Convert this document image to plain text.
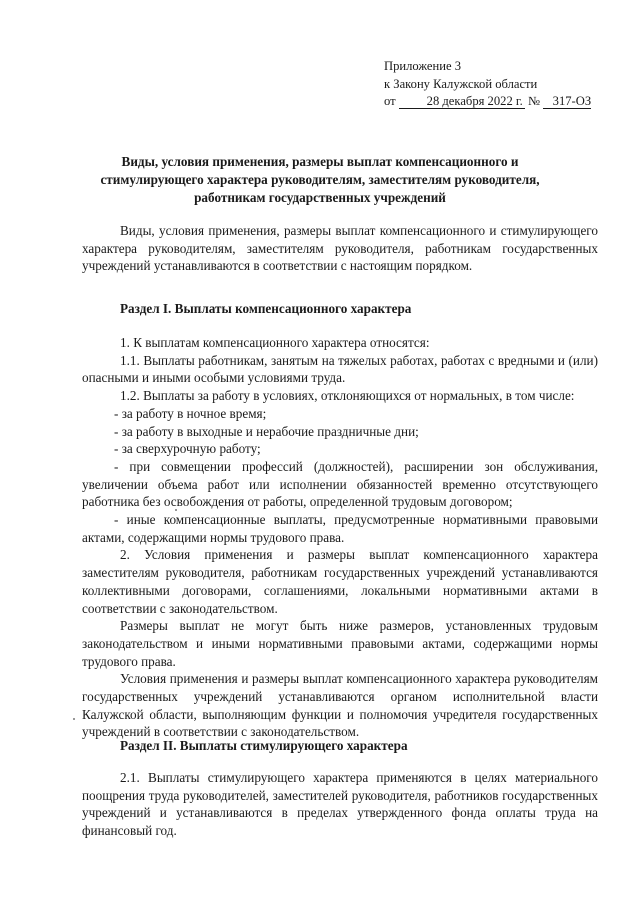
Приложение 3
к Закону Калужской области
от 28 декабря 2022 г. № 317-ОЗ
Виды, условия применения, размеры выплат компенсационного и стимулирующего характера руководителям, заместителям руководителя, работникам государственных учреждений

Виды, условия применения, размеры выплат компенсационного и стимулирующего характера руководителям, заместителям руководителя, работникам государственных учреждений устанавливаются в соответствии с настоящим порядком.

Раздел I. Выплаты компенсационного характера

1. К выплатам компенсационного характера относятся:

1.1. Выплаты работникам, занятым на тяжелых работах, работах с вредными и (или) опасными и иными особыми условиями труда.

1.2. Выплаты за работу в условиях, отклоняющихся от нормальных, в том числе:

- за работу в ночное время;

- за работу в выходные и нерабочие праздничные дни;

- за сверхурочную работу;

- при совмещении профессий (должностей), расширении зон обслуживания, увеличении объема работ или исполнении обязанностей временно отсутствующего работника без освобождения от работы, определенной трудовым договором;

- иные компенсационные выплаты, предусмотренные нормативными правовыми актами, содержащими нормы трудового права.

2. Условия применения и размеры выплат компенсационного характера заместителям руководителя, работникам государственных учреждений устанавливаются коллективными договорами, соглашениями, локальными нормативными актами в соответствии с законодательством.

Размеры выплат не могут быть ниже размеров, установленных трудовым законодательством и иными нормативными правовыми актами, содержащими нормы трудового права.

Условия применения и размеры выплат компенсационного характера руководителям государственных учреждений устанавливаются органом исполнительной власти Калужской области, выполняющим функции и полномочия учредителя государственных учреждений в соответствии с законодательством.

Раздел II. Выплаты стимулирующего характера

2.1. Выплаты стимулирующего характера применяются в целях материального поощрения труда руководителей, заместителей руководителя, работников государственных учреждений и устанавливаются в пределах утвержденного фонда оплаты труда на финансовый год.
